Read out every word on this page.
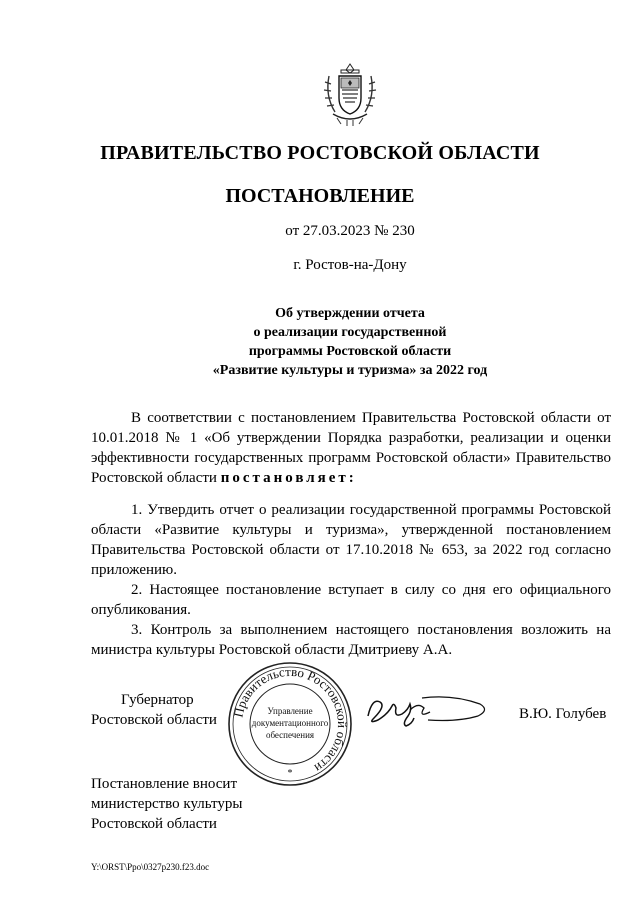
ПРАВИТЕЛЬСТВО РОСТОВСКОЙ ОБЛАСТИ
ПОСТАНОВЛЕНИЕ
от 27.03.2023 № 230
г. Ростов-на-Дону
Об утверждении отчета
о реализации государственной
программы Ростовской области
«Развитие культуры и туризма» за 2022 год
В соответствии с постановлением Правительства Ростовской области от 10.01.2018 № 1 «Об утверждении Порядка разработки, реализации и оценки эффективности государственных программ Ростовской области» Правительство Ростовской области постановляет:
1. Утвердить отчет о реализации государственной программы Ростовской области «Развитие культуры и туризма», утвержденной постановлением Правительства Ростовской области от 17.10.2018 № 653, за 2022 год согласно приложению.
2. Настоящее постановление вступает в силу со дня его официального опубликования.
3. Контроль за выполнением настоящего постановления возложить на министра культуры Ростовской области Дмитриеву А.А.
Губернатор
Ростовской области Правительство Ростовской области
Управление
документационного
обеспечения
*
В.Ю. Голубев
Постановление вносит
министерство культуры
Ростовской области
Y:\ORST\Ppo\0327p230.f23.doc
